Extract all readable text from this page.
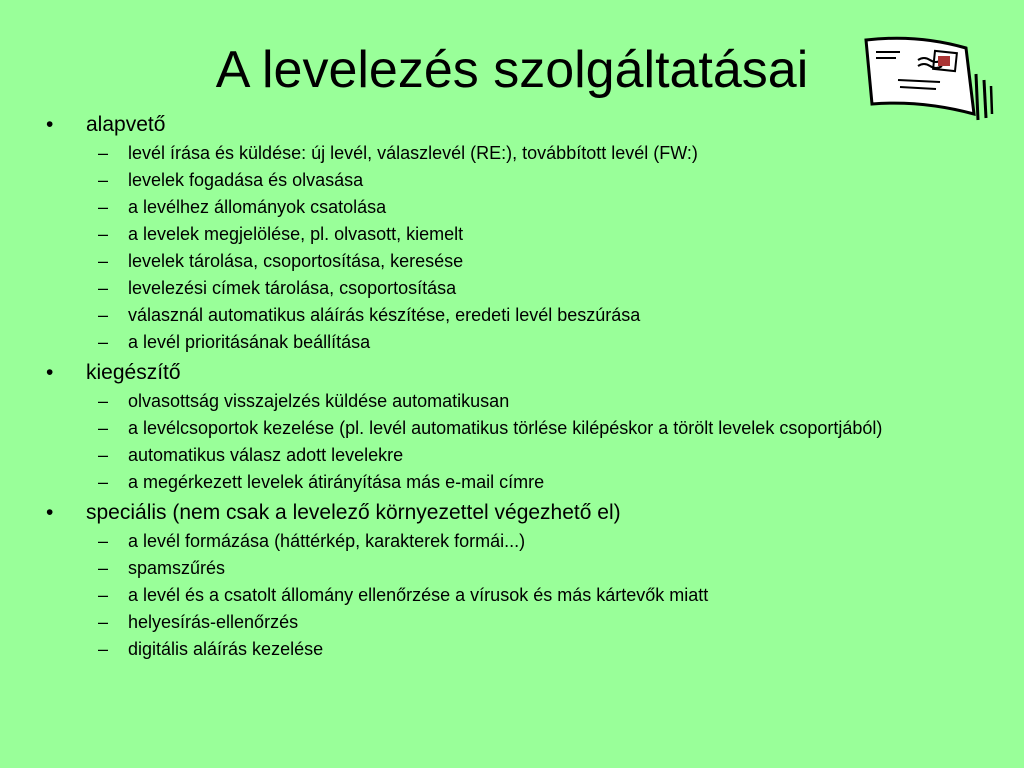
A levelezés szolgáltatásai
• alapvető
– levél írása és küldése: új levél, válaszlevél (RE:), továbbított levél (FW:)
– levelek fogadása és olvasása
– a levélhez állományok csatolása
– a levelek megjelölése, pl. olvasott, kiemelt
– levelek tárolása, csoportosítása, keresése
– levelezési címek tárolása, csoportosítása
– válasznál automatikus aláírás készítése, eredeti levél beszúrása
– a levél prioritásának beállítása
• kiegészítő
– olvasottság visszajelzés küldése automatikusan
– a levélcsoportok kezelése (pl. levél automatikus törlése kilépéskor a törölt levelek csoportjából)
– automatikus válasz adott levelekre
– a megérkezett levelek átirányítása más e-mail címre
• speciális (nem csak a levelező környezettel végezhető el)
– a levél formázása (háttérkép, karakterek formái...)
– spamszűrés
– a levél és a csatolt állomány ellenőrzése a vírusok és más kártevők miatt
– helyesírás-ellenőrzés
– digitális aláírás kezelése
